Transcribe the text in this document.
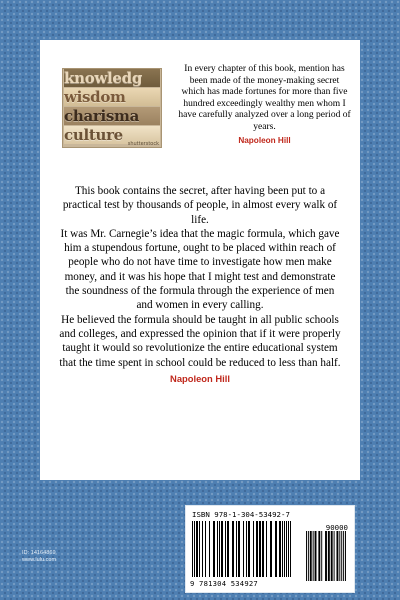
knowledg
wisdom
charisma
culture shutterstock
In every chapter of this book, mention has been made of the money-making secret which has made fortunes for more than five hundred exceedingly wealthy men whom I have carefully analyzed over a long period of years.
Napoleon Hill

This book contains the secret, after having been put to a practical test by thousands of people, in almost every walk of life.

It was Mr. Carnegie’s idea that the magic formula, which gave him a stupendous fortune, ought to be placed within reach of people who do not have time to investigate how men make money, and it was his hope that I might test and demonstrate the soundness of the formula through the experience of men and women in every calling.

He believed the formula should be taught in all public schools and colleges, and expressed the opinion that if it were properly taught it would so revolutionize the entire educational system that the time spent in school could be reduced to less than half.

Napoleon Hill
ID: 14164869
www.lulu.com
ISBN 978-1-304-53492-7
90000
9 781304 534927
